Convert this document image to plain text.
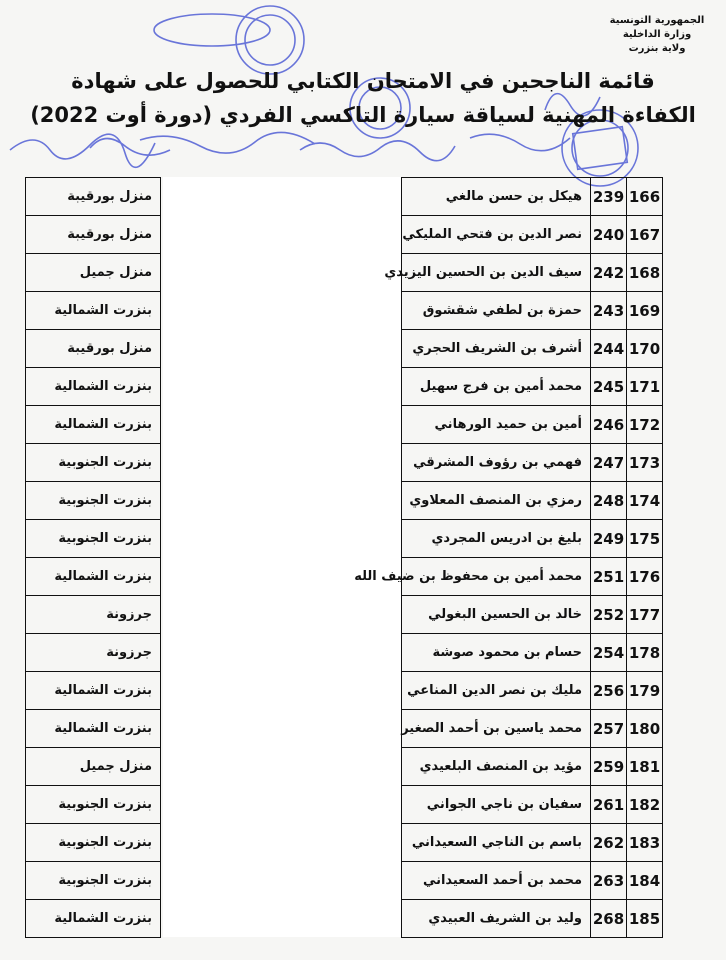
الجمهورية التونسية
وزارة الداخلية
ولاية بنزرت
قائمة الناجحين في الامتحان الكتابي للحصول على شهادة
الكفاءة المهنية لسياقة سيارة التاكسي الفردي (دورة أوت 2022)
منزل بورقيبة
منزل بورقيبة
منزل جميل
بنزرت الشمالية
منزل بورقيبة
بنزرت الشمالية
بنزرت الشمالية
بنزرت الجنوبية
بنزرت الجنوبية
بنزرت الجنوبية
بنزرت الشمالية
جرزونة
جرزونة
بنزرت الشمالية
بنزرت الشمالية
منزل جميل
بنزرت الجنوبية
بنزرت الجنوبية
بنزرت الجنوبية
بنزرت الشمالية
166
239
هيكل بن حسن مالغي
167
240
نصر الدين بن فتحي المليكي
168
242
سيف الدين بن الحسين اليزيدي
169
243
حمزة بن لطفي شقشوق
170
244
أشرف بن الشريف الحجري
171
245
محمد أمين بن فرج سهيل
172
246
أمين بن حميد الورهاني
173
247
فهمي بن رؤوف المشرقي
174
248
رمزي بن المنصف المعلاوي
175
249
بليغ بن ادريس المجردي
176
251
محمد أمين بن محفوظ بن ضيف الله
177
252
خالد بن الحسين البغولي
178
254
حسام بن محمود صوشة
179
256
مليك بن نصر الدين المناعي
180
257
محمد ياسين بن أحمد الصغير
181
259
مؤيد بن المنصف البلعيدي
182
261
سفيان بن ناجي الجواني
183
262
باسم بن الناجي السعيداني
184
263
محمد بن أحمد السعيداني
185
268
وليد بن الشريف العبيدي
